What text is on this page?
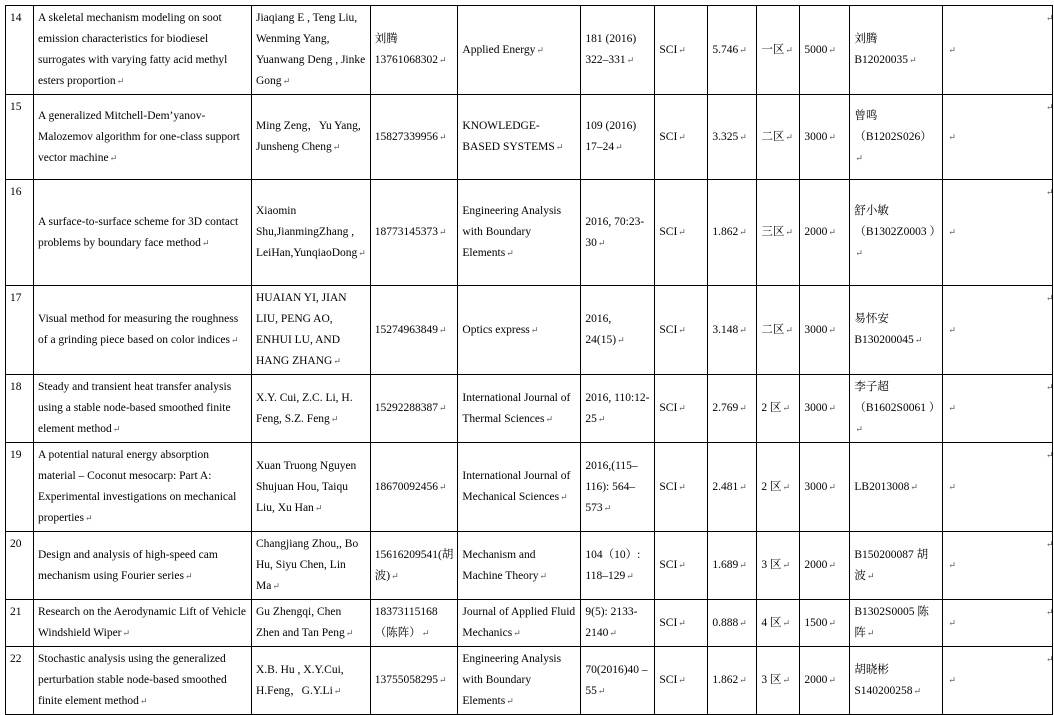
14	A skeletal mechanism modeling on soot emission characteristics for biodiesel surrogates with varying fatty acid methyl esters proportion↵	Jiaqiang E , Teng Liu, Wenming Yang, Yuanwang Deng , Jinke Gong↵	刘腾 13761068302↵	Applied Energy↵	181 (2016) 322–331↵	SCI↵	5.746↵	一区↵	5000↵	刘腾 B12020035↵	↵
15	A generalized Mitchell-Dem’yanov-Malozemov algorithm for one-class support vector machine↵	Ming Zeng，Yu Yang, Junsheng Cheng↵	15827339956↵	KNOWLEDGE-BASED SYSTEMS↵	109 (2016) 17–24↵	SCI↵	3.325↵	二区↵	3000↵	曾鸣 （B1202S026）↵	↵
16	A surface-to-surface scheme for 3D contact problems by boundary face method↵	Xiaomin Shu,JianmingZhang , LeiHan,YunqiaoDong↵	18773145373↵	Engineering Analysis with Boundary Elements↵	2016, 70:23-30↵	SCI↵	1.862↵	三区↵	2000↵	舒小敏 （B1302Z0003 ）↵	↵
17	Visual method for measuring the roughness of a grinding piece based on color indices↵	HUAIAN YI, JIAN LIU, PENG AO, ENHUI LU, AND HANG ZHANG↵	15274963849↵	Optics express↵	2016, 24(15)↵	SCI↵	3.148↵	二区↵	3000↵	易怀安 B130200045↵	↵
18	Steady and transient heat transfer analysis using a stable node-based smoothed finite element method↵	X.Y. Cui, Z.C. Li, H. Feng, S.Z. Feng↵	15292288387↵	International Journal of Thermal Sciences↵	2016, 110:12-25↵	SCI↵	2.769↵	2 区↵	3000↵	李子超 （B1602S0061 ）↵	↵
19	A potential natural energy absorption material – Coconut mesocarp: Part A: Experimental investigations on mechanical properties↵	Xuan Truong Nguyen Shujuan Hou, Taiqu Liu, Xu Han↵	18670092456↵	International Journal of Mechanical Sciences↵	2016,(115–116): 564–573↵	SCI↵	2.481↵	2 区↵	3000↵	LB2013008↵	↵
20	Design and analysis of high-speed cam mechanism using Fourier series↵	Changjiang Zhou,, Bo Hu, Siyu Chen, Lin Ma↵	15616209541(胡波)↵	Mechanism and Machine Theory↵	104（10）: 118–129↵	SCI↵	1.689↵	3 区↵	2000↵	B150200087 胡波↵	↵
21	Research on the Aerodynamic Lift of Vehicle Windshield Wiper↵	Gu Zhengqi, Chen Zhen and Tan Peng↵	18373115168 （陈阵）↵	Journal of Applied Fluid Mechanics↵	9(5): 2133-2140↵	SCI↵	0.888↵	4 区↵	1500↵	B1302S0005 陈阵↵	↵
22	Stochastic analysis using the generalized perturbation stable node-based smoothed finite element method↵	X.B. Hu , X.Y.Cui, H.Feng，G.Y.Li↵	13755058295↵	Engineering Analysis with Boundary Elements↵	70(2016)40 –55↵	SCI↵	1.862↵	3 区↵	2000↵	胡晓彬 S140200258↵	↵
↵
↵
↵
↵
↵
↵
↵
↵
↵
